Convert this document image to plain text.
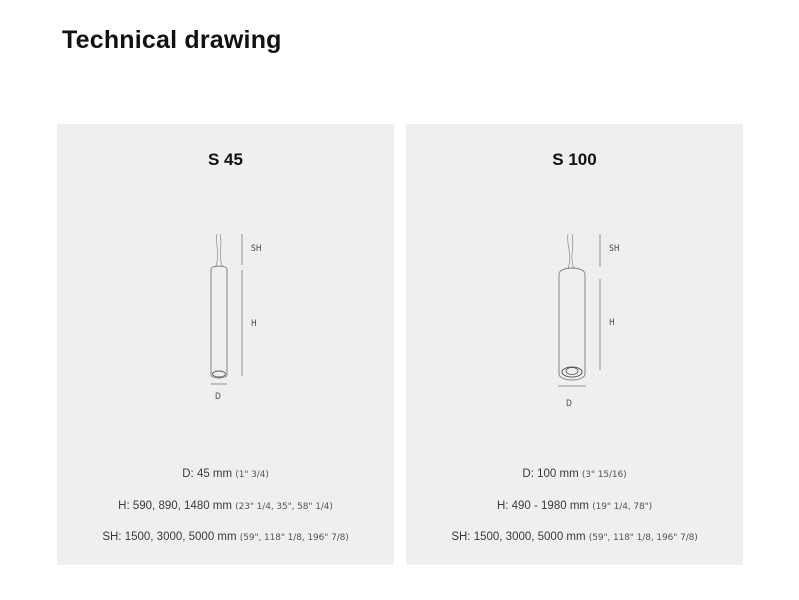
Technical drawing
S 45
SH
H
D
D: 45 mm (1" 3/4)
H: 590, 890, 1480 mm (23" 1/4, 35", 58" 1/4)
SH: 1500, 3000, 5000 mm (59", 118" 1/8, 196" 7/8)
S 100
SH
H
D
D: 100 mm (3" 15/16)
H: 490 - 1980 mm (19" 1/4, 78")
SH: 1500, 3000, 5000 mm (59", 118" 1/8, 196" 7/8)
